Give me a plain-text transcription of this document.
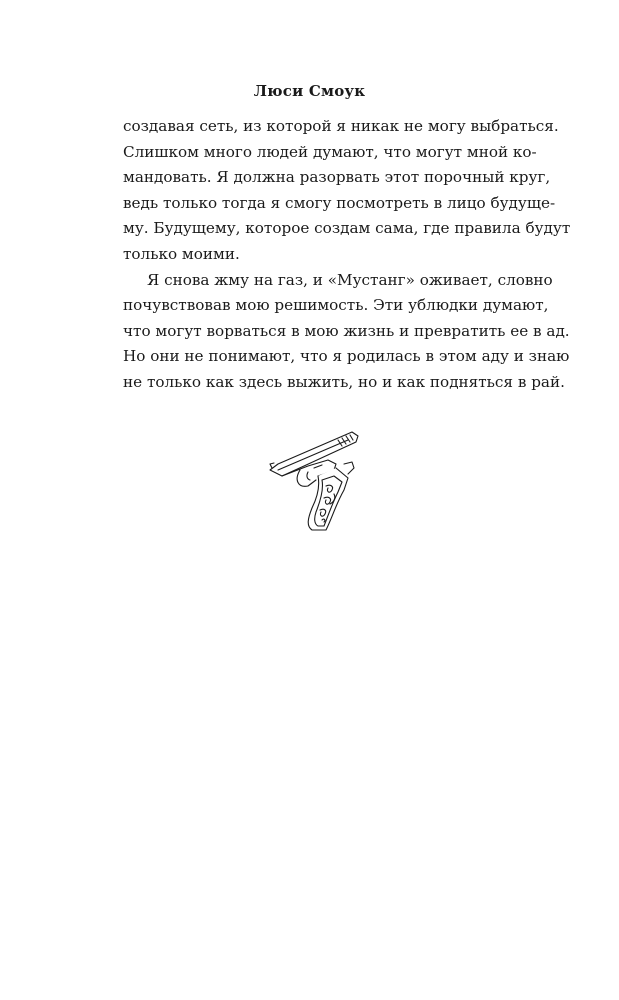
Люси Смоук
создавая сеть, из которой я никак не могу выбраться.
Слишком много людей думают, что могут мной ко-
мандовать. Я должна разорвать этот порочный круг,
ведь только тогда я смогу посмотреть в лицо будуще-
му. Будущему, которое создам сама, где правила будут
только моими.
Я снова жму на газ, и «Мустанг» оживает, словно
почувствовав мою решимость. Эти ублюдки думают,
что могут ворваться в мою жизнь и превратить ее в ад.
Но они не понимают, что я родилась в этом аду и знаю
не только как здесь выжить, но и как подняться в рай.
